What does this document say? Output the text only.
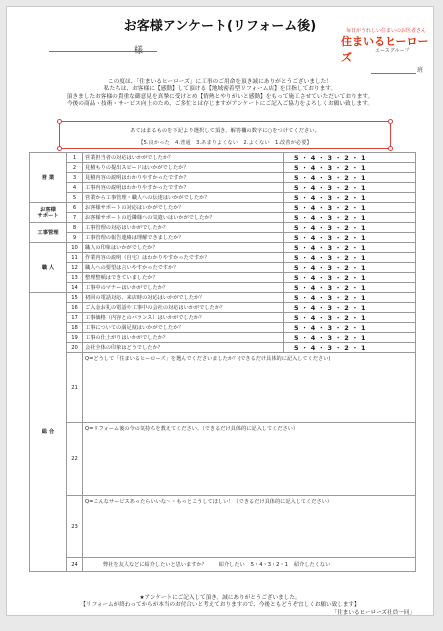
お客様アンケート(リフォーム後)
様
毎日がうれしい住まいのお医者さん
住まいるヒーローズ	エースグループ
班
この度は、「住まいるヒーローズ」に工事のご用命を頂き誠にありがとうございました！
私たちは、お客様に【感動】して頂ける【地域密着型リフォーム店】を目指しております。
頂きましたお客様の貴重な御意見を真摯に受けとめ【情熱とやりがいと感動】をもって施工させていただいております。
今後の商品・技術・サービス向上のため、ご多忙とは存じますがアンケートにご記入ご協力をよろしくお願い致します。
あてはまるものを下記より選択して頂き、解答欄の数字に○をつけてください。
【5.良かった　4.普通　3.あまりよくない　2.よくない　1.改善が必要】
営 業	1	営業担当者の対応はいかがでしたか？	5 ・ 4 ・ 3 ・ 2 ・ 1
	2	見積もりの提出スピードはいかがでしたか？	5 ・ 4 ・ 3 ・ 2 ・ 1
	3	見積内容の説明はわかりやすかったですか？	5 ・ 4 ・ 3 ・ 2 ・ 1
	4	工事内容の説明はわかりやすかったですか？	5 ・ 4 ・ 3 ・ 2 ・ 1
	5	営業から工事管理・職人への伝達はいかがでしたか？	5 ・ 4 ・ 3 ・ 2 ・ 1
お客様
サポート	6	お客様サポートの対応はいかがでしたか？	5 ・ 4 ・ 3 ・ 2 ・ 1
	7	お客様サポートの近隣様への気遣いはいかがでしたか？	5 ・ 4 ・ 3 ・ 2 ・ 1
工事管理	8	工事管理の対応はいかがでしたか？	5 ・ 4 ・ 3 ・ 2 ・ 1
	9	工事管理の報告連絡は理解できましたか？	5 ・ 4 ・ 3 ・ 2 ・ 1
職 人	10	職人の印象はいかがでしたか？	5 ・ 4 ・ 3 ・ 2 ・ 1
	11	作業内容の説明（自宅）はわかりやすかったですか？	5 ・ 4 ・ 3 ・ 2 ・ 1
	12	職人への要望は言いやすかったですか？	5 ・ 4 ・ 3 ・ 2 ・ 1
	13	整理整頓はできていましたか？	5 ・ 4 ・ 3 ・ 2 ・ 1
	14	工事中のマナーはいかがでしたか？	5 ・ 4 ・ 3 ・ 2 ・ 1
総 合	15	初回の電話対応、来店時の対応はいかがでしたか？	5 ・ 4 ・ 3 ・ 2 ・ 1
	16	ご入金お礼の電話や工事中の会社の対応はいかがでしたか？	5 ・ 4 ・ 3 ・ 2 ・ 1
	17	工事価格（内容とのバランス）はいかがでしたか？	5 ・ 4 ・ 3 ・ 2 ・ 1
	18	工事についての満足度はいかがでしたか？	5 ・ 4 ・ 3 ・ 2 ・ 1
	19	工事の仕上がりはいかがでしたか？	5 ・ 4 ・ 3 ・ 2 ・ 1
	20	会社全体の印象はどうでしたか？	5 ・ 4 ・ 3 ・ 2 ・ 1
	21	Q=どうして「住まいるヒーローズ」を選んでくださいましたか？(できるだけ具体的に記入してください)	
	22	Q=リフォーム後の今の気持ちを教えてください。（できるだけ具体的に記入してください）	
	23	Q=こんなサービスあったらいいな～・もっとこうしてほしい！（できるだけ具体的に記入してください）	
	24	弊社を友人などに紹介したいと思いますか？ 紹介したい 5・4・3・2・1 紹介したくない	
★アンケートにご記入して頂き、誠にありがとうございました。
【リフォームが終わってからが本当のお付合いと考えておりますので、今後ともどうぞ宜しくお願い致します】
「住まいるヒーローズ社員一同」
